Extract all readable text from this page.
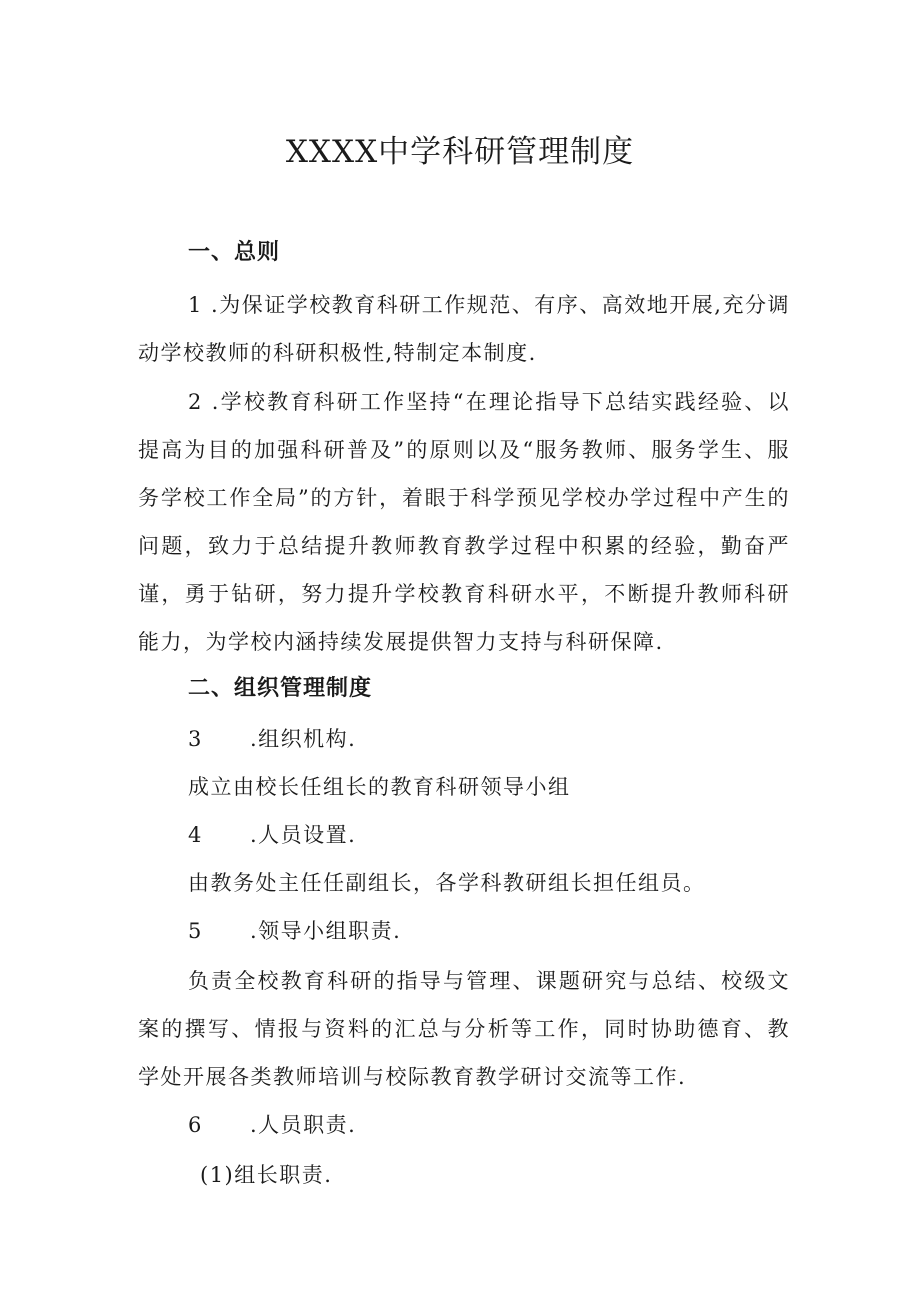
XXXX中学科研管理制度
一、总则
1 .为保证学校教育科研工作规范、有序、高效地开展,充分调动学校教师的科研积极性,特制定本制度.
2 .学校教育科研工作坚持“在理论指导下总结实践经验、以提高为目的加强科研普及”的原则以及“服务教师、服务学生、服务学校工作全局”的方针，着眼于科学预见学校办学过程中产生的问题，致力于总结提升教师教育教学过程中积累的经验，勤奋严谨，勇于钻研，努力提升学校教育科研水平，不断提升教师科研能力，为学校内涵持续发展提供智力支持与科研保障.
二、组织管理制度
3 .组织机构.
成立由校长任组长的教育科研领导小组
4 .人员设置.
由教务处主任任副组长，各学科教研组长担任组员。
5 .领导小组职责.
负责全校教育科研的指导与管理、课题研究与总结、校级文案的撰写、情报与资料的汇总与分析等工作，同时协助德育、教学处开展各类教师培训与校际教育教学研讨交流等工作.
6 .人员职责.
(1)组长职责.
